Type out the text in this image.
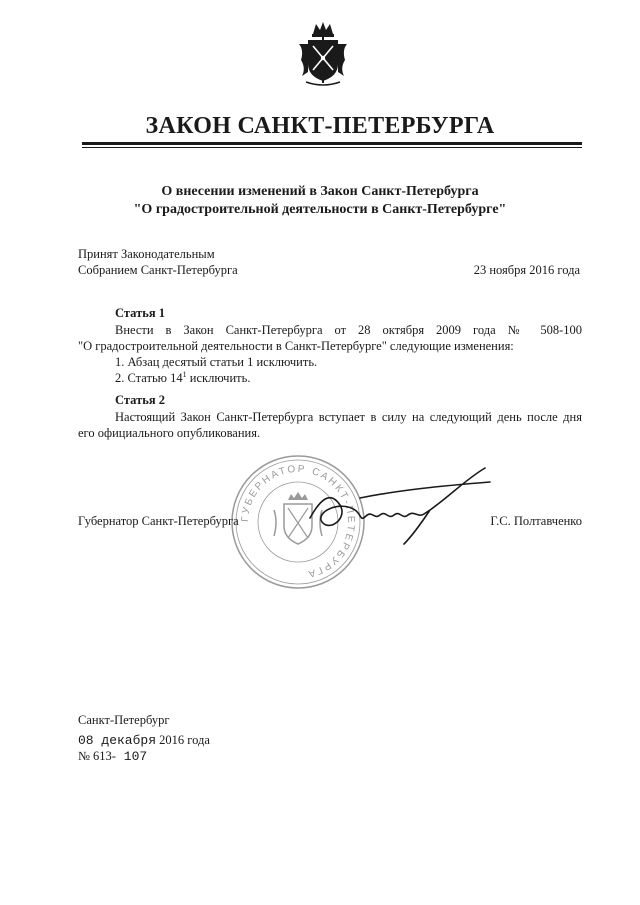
ЗАКОН САНКТ-ПЕТЕРБУРГА
О внесении изменений в Закон Санкт-Петербурга
"О градостроительной деятельности в Санкт-Петербурге"
Принят Законодательным
Собранием Санкт-Петербурга	23 ноября 2016 года
Статья 1
Внести в Закон Санкт-Петербурга от 28 октября 2009 года № 508-100
"О градостроительной деятельности в Санкт-Петербурге" следующие изменения:
1. Абзац десятый статьи 1 исключить.
2. Статью $14^1$ исключить.
Статья 2
Настоящий Закон Санкт-Петербурга вступает в силу на следующий день после дня
его официального опубликования.
ГУБЕРНАТОР САНКТ-ПЕТЕРБУРГА
Губернатор Санкт-Петербурга	Г.С. Полтавченко
Санкт-Петербург
08 декабря 2016 года
№ 613- 107
